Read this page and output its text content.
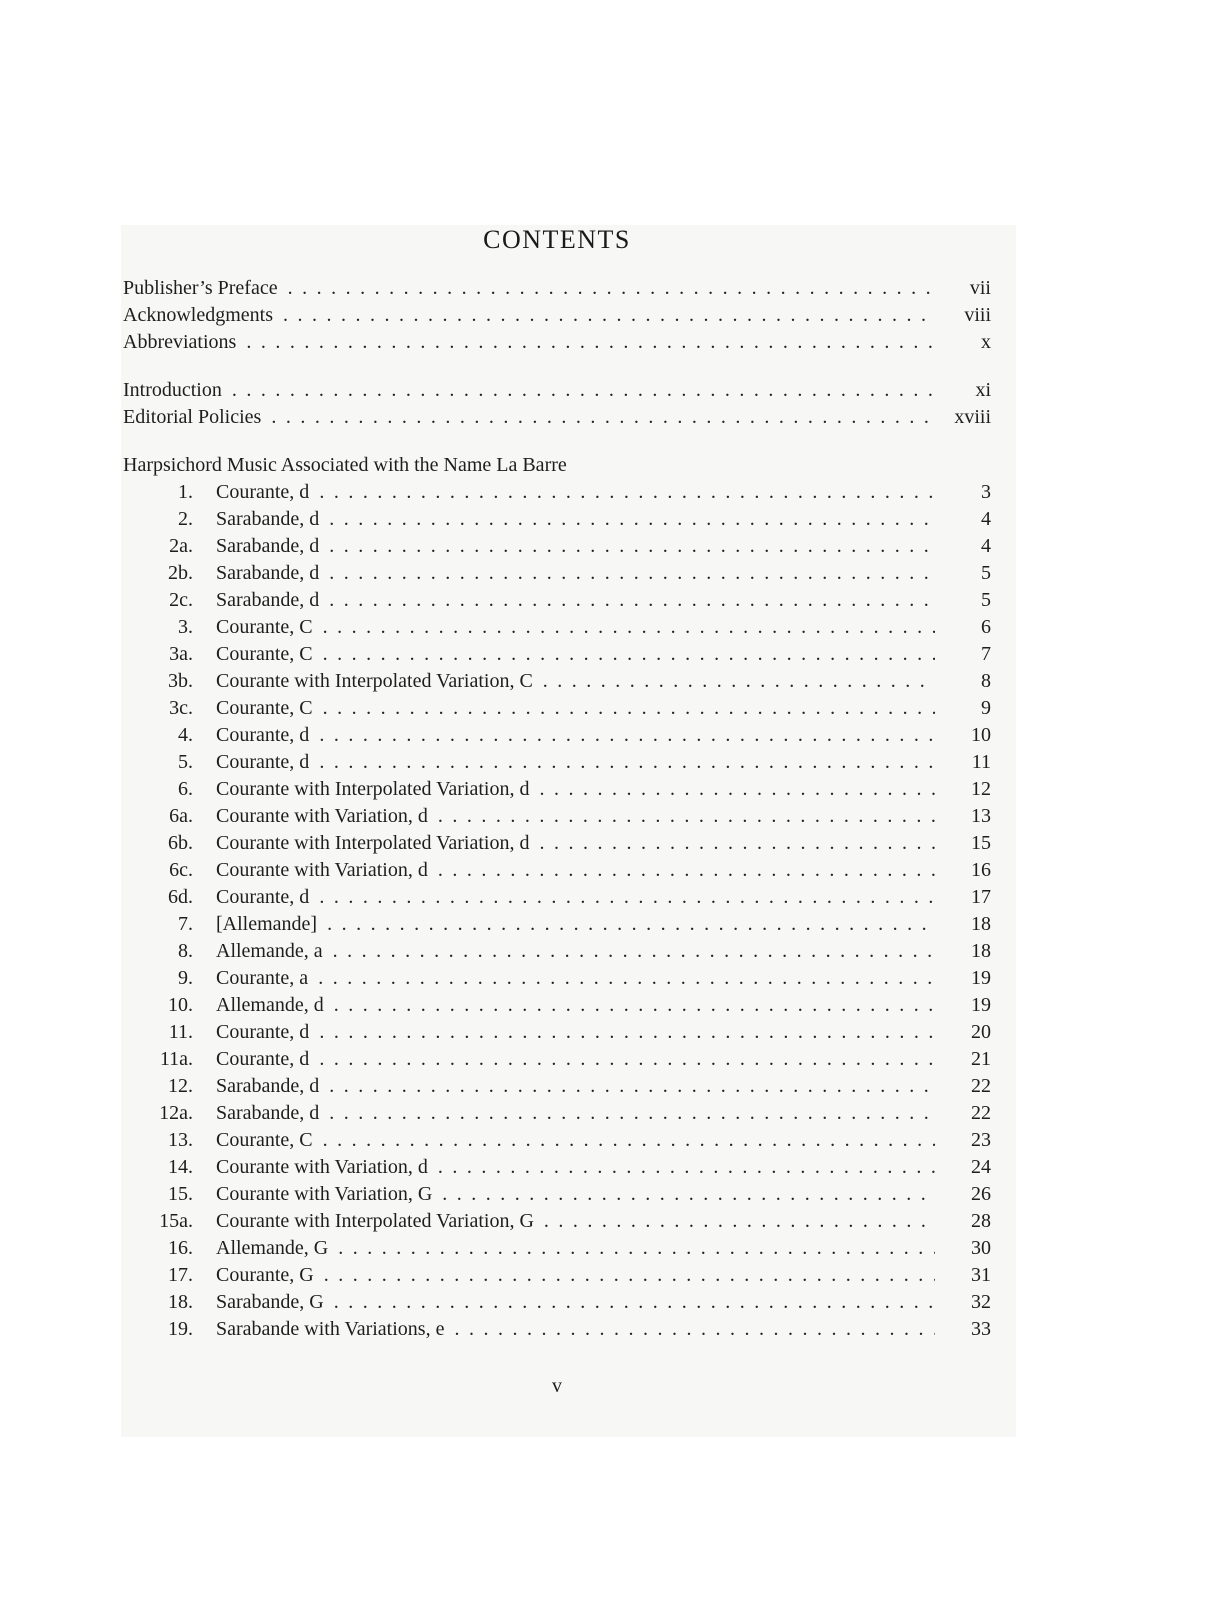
CONTENTS
Publisher’s Preface .....	vii
Acknowledgments .....	viii
Abbreviations .....	x
Introduction .....	xi
Editorial Policies .....	xviii
Harpsichord Music Associated with the Name La Barre
1. Courante, d .....	3
2. Sarabande, d .....	4
2a. Sarabande, d .....	4
2b. Sarabande, d .....	5
2c. Sarabande, d .....	5
3. Courante, C .....	6
3a. Courante, C .....	7
3b. Courante with Interpolated Variation, C .....	8
3c. Courante, C .....	9
4. Courante, d .....	10
5. Courante, d .....	11
6. Courante with Interpolated Variation, d .....	12
6a. Courante with Variation, d .....	13
6b. Courante with Interpolated Variation, d .....	15
6c. Courante with Variation, d .....	16
6d. Courante, d .....	17
7. [Allemande] .....	18
8. Allemande, a .....	18
9. Courante, a .....	19
10. Allemande, d .....	19
11. Courante, d .....	20
11a. Courante, d .....	21
12. Sarabande, d .....	22
12a. Sarabande, d .....	22
13. Courante, C .....	23
14. Courante with Variation, d .....	24
15. Courante with Variation, G .....	26
15a. Courante with Interpolated Variation, G .....	28
16. Allemande, G .....	30
17. Courante, G .....	31
18. Sarabande, G .....	32
19. Sarabande with Variations, e .....	33
v
